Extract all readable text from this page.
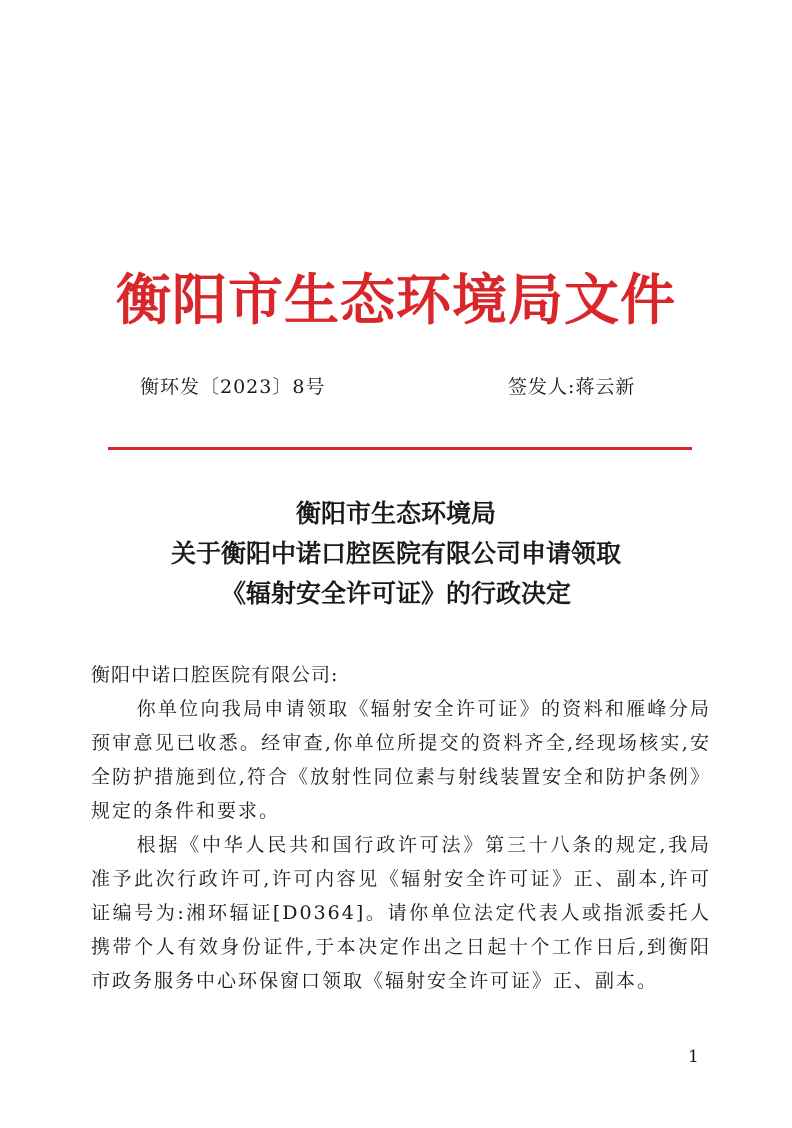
衡阳市生态环境局文件
衡环发〔2023〕8号	签发人:蒋云新
衡阳市生态环境局
关于衡阳中诺口腔医院有限公司申请领取
《辐射安全许可证》的行政决定

衡阳中诺口腔医院有限公司:

你单位向我局申请领取《辐射安全许可证》的资料和雁峰分局预审意见已收悉。经审查,你单位所提交的资料齐全,经现场核实,安全防护措施到位,符合《放射性同位素与射线装置安全和防护条例》规定的条件和要求。

根据《中华人民共和国行政许可法》第三十八条的规定,我局准予此次行政许可,许可内容见《辐射安全许可证》正、副本,许可证编号为:湘环辐证[D0364]。请你单位法定代表人或指派委托人携带个人有效身份证件,于本决定作出之日起十个工作日后,到衡阳市政务服务中心环保窗口领取《辐射安全许可证》正、副本。

1
